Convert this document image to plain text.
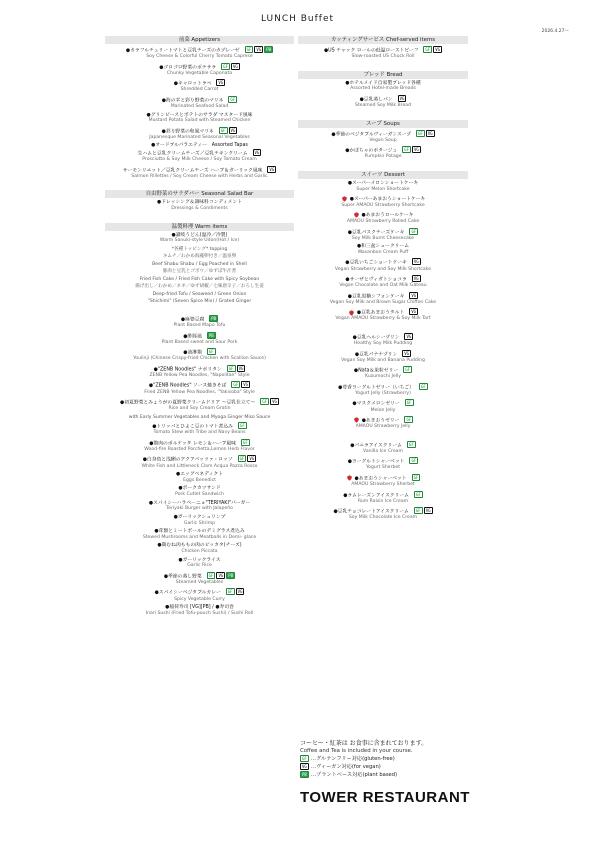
LUNCH Buffet
2026.4.27〜
前菜 Appetizers
●カラフルチェリートマトと豆乳チーズのカプレーゼ GF VG PB
Soy Cheese & Colorful Cherry Tomato Caprese
●ゴロゴロ野菜のポテサラ GF VG
Chunky Vegetable Caponata
●キャロットラペ VG
Shredded Carrot
●海の幸と彩り野菜のマリネ GF
Marinated Seafood Salad
●グリンピースとポテトのサラダ マスタード風味
Mustard Potato Salad with Steamed Chicken
●彩り野菜の和風マリネ GF VG
Japanesque Marinated Seasonal Vegetables
●オードブルバラエティー　Assorted Tapas
生ハムと豆乳クリームチーズ／豆乳チキンクリーム VG
Prosciutto & Soy Milk Cheese / Soy Tomato Cream
サーモンリエット／豆乳クリームチーズ ハーブ＆ガーリック風味 VG
Salmon Rillettes / Soy Cream Cheese with Herbs and Garlic
自由野菜のサラダバー Seasonal Salad Bar
●ドレッシング＆調味料コンディメント
Dressings & Condiments
温製料理 Warm items
●讃岐うどん(温冷／冷製)
Warm Sanuki-style Udon(Hot / Ice)
*各種トッピング* topping
キムチ／わかめ海藻卵付き／温泉卵
Beef Shabu Shabu / Egg Poached in Shell
豚肉と豆乳とゴボウ／ゆずぽ牛汁煮
Fried Fish Cake / Fried Fish Cake with Spicy Soybean
揚げ出し／わかめ／ネギ／ゆず胡椒／七味唐辛子／おろし生姜
Deep-fried Tofu / Seaweed / Green Onion
"Shichimi" (Seven Spice Mix) / Grated Ginger
●麻婆豆腐 PB
Plant Based Mapo Tofu
●酢豚風 PB
Plant Based sweet and Sour Pork
●油淋鶏 GF
Youlinji (Chinese Crispy-fried Chicken with Scallion Sauce)
●"ZENB Noodles" ナポリタン GF VG
ZENB Yellow Pea Noodles, "Napolitan" Style
●"ZENB Noodles" ソース焼きそば GF VG
Fried ZENB Yellow Pea Noodles, "Yakisoba" Style
●初夏野菜とみょうがの夏野菜クリームドリア 〜豆乳仕立て〜 GF VG
Rice and Soy Cream Gratin
with Early Summer Vegetables and Myoga Ginger Miso Sauce
●トリッパとひよこ豆のトマト煮込み GF
Tomato Stew with Tribe and Navy Beans
●鶏肉のポルケッタ レモン＆ハーブ風味 GF
Wood-fire Roasted Porchetta,Lemon Herb Flavor
●白身魚と浅蜊のアクアパッツァ・ロッソ GF VG
White Fish and Littleneck Clam Acqua Pazza Rosso
●エッグベネディクト
Eggs Benedict
●ポークカツサンド
Pork Cutlet Sandwich
●スパイシーハラペーニョ"TERIYAKI"バーガー
Teriyaki Burger with Jalapeño
●ガーリックシュリンプ
Garlic Shrimp
●茸類とミートボールのデミグラス煮込み
Stewed Mushrooms and Meatballs in Demi- glace
●鶏むね肉ももの肉のピッカタ(チーズ)
Chicken Piccata
●ガーリックライス
Garlic Rice
●季節の蒸し野菜 GF VG PB
Steamed Vegetables
●スパイシーベジタブルカレー GF VG
Spicy Vegetable Curry
●稲荷寿司 [VG][PB] / ●寿司巻
Inari Sushi (Fried Tofu-pouch Sushi) / Sushi Roll
カッティングサービス Chef-served items
●US チャック ロールの低温ローストビーフ GF VG
Slow-roasted US Chuck Roll
ブレッド Bread
●ホテルメイド自家製ブレッド各種
Assorted Hotel-made Breads
●豆乳蒸しパン VG
Steamed Soy Milk Bread
スープ Soups
●季節のベジタブルヴィーガンスープ GF VG
Vegan Soup
●かぼちゃのポタージュ GF VG
Pumpkin Potage
スイーツ Dessert
●スーパーメロンショートケーキ
Super Melon Shortcake
●スーパーあまおうショートケーキ
Super AMAOU Strawberry Shortcake
●あまおうロールケーキ
AMAOU Strawberry Rolled Cake
●豆乳バスクチーズケーキ GF
Soy Milk Burnt Cheesecake
●和三盆シュークリーム
Wasanbon Cream Puff
●豆乳いちごショートケーキ VG
Vegan Strawberry and Soy Milk Shortcake
●サーザとヴィガトショコラ VG
Vegan Chocolate and Oat Milk Gâteau
●豆乳黒糖シフォンケーキ VG
Vegan Soy Milk and Brown Sugar Chiffon Cake
●豆乳あまおうタルト VG
Vegan AMAOU Strawberry & Soy Milk Tart
●豆乳ヘルシープリン VG
Healthy Soy Milk Pudding
●豆乳バナナプリン VG
Vegan Soy Milk and Banana Pudding
●Nata＆果粒ゼリー GF
Kuzumochi Jelly
●苺香ヨーグルトゼリー（いちご） GF
Yogurt Jelly (Strawberry)
●マスクメロンゼリー GF
Melon Jelly
●あまおうゼリー GF
AMAOU Strawberry Jelly
●バニラアイスクリーム GF
Vanilla Ice Cream
●ヨーグルトシャーベット GF
Yogurt Sherbet
●あまおうシャーベット GF
AMAOU Strawberry Sherbet
●ラムレーズンアイスクリーム GF
Rum Raisin Ice Cream
●豆乳チョコレートアイスクリーム GF VG
Soy Milk Chocolate Ice Cream
コーヒー・紅茶は お食事に含まれております。
Coffee and Tea is included in your course.
GF …グルテンフリー対応(gluten-free)
VG …ヴィーガン対応(for vegan)
PB …プラントベース対応(plant based)
TOWER RESTAURANT
